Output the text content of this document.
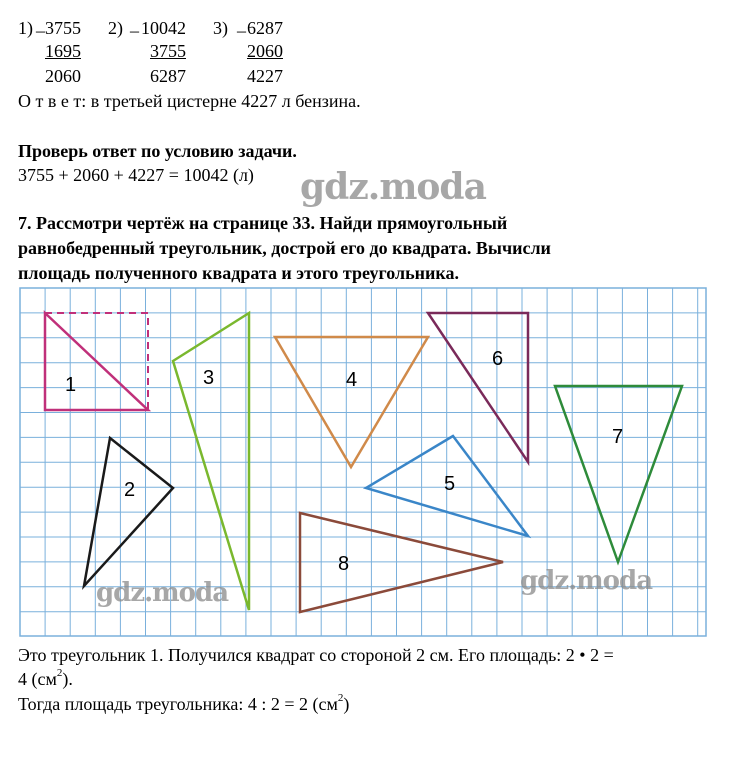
1) _ 3755
1695
2060
2) _ 10042
3755
6287
3) _ 6287
2060
4227
О т в е т: в третьей цистерне 4227 л бензина.
Проверь ответ по условию задачи.
3755 + 2060 + 4227 = 10042 (л) gdz.moda
7. Рассмотри чертёж на странице 33. Найди прямоугольный
равнобедренный треугольник, дострой его до квадрата. Вычисли
площадь полученного квадрата и этого треугольника.
1
2
3	4
5
6
7
8
gdz.moda	gdz.moda
Это треугольник 1. Получился квадрат со стороной 2 см. Его площадь: 2 • 2 =
4 $(см^2)$.
Тогда площадь треугольника: 4 : 2 = 2 $(см^2)$
